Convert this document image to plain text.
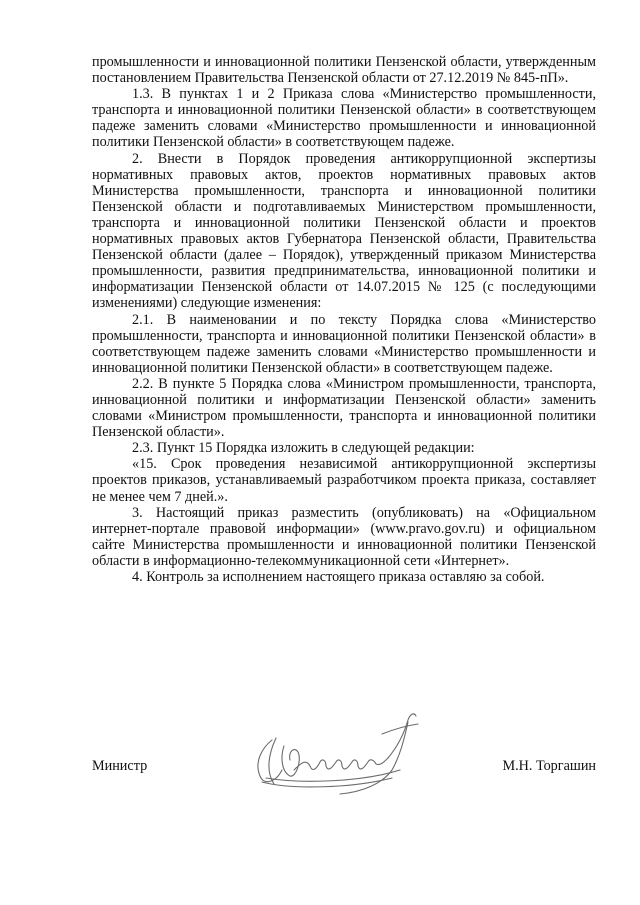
промышленности и инновационной политики Пензенской области, утвержденным постановлением Правительства Пензенской области от 27.12.2019 № 845-пП».

1.3. В пунктах 1 и 2 Приказа слова «Министерство промышленности, транспорта и инновационной политики Пензенской области» в соответствующем падеже заменить словами «Министерство промышленности и инновационной политики Пензенской области» в соответствующем падеже.

2. Внести в Порядок проведения антикоррупционной экспертизы нормативных правовых актов, проектов нормативных правовых актов Министерства промышленности, транспорта и инновационной политики Пензенской области и подготавливаемых Министерством промышленности, транспорта и инновационной политики Пензенской области и проектов нормативных правовых актов Губернатора Пензенской области, Правительства Пензенской области (далее – Порядок), утвержденный приказом Министерства промышленности, развития предпринимательства, инновационной политики и информатизации Пензенской области от 14.07.2015 № 125 (с последующими изменениями) следующие изменения:

2.1. В наименовании и по тексту Порядка слова «Министерство промышленности, транспорта и инновационной политики Пензенской области» в соответствующем падеже заменить словами «Министерство промышленности и инновационной политики Пензенской области» в соответствующем падеже.

2.2. В пункте 5 Порядка слова «Министром промышленности, транспорта, инновационной политики и информатизации Пензенской области» заменить словами «Министром промышленности, транспорта и инновационной политики Пензенской области».

2.3. Пункт 15 Порядка изложить в следующей редакции:

«15. Срок проведения независимой антикоррупционной экспертизы проектов приказов, устанавливаемый разработчиком проекта приказа, составляет не менее чем 7 дней.».

3. Настоящий приказ разместить (опубликовать) на «Официальном интернет-портале правовой информации» (www.pravo.gov.ru) и официальном сайте Министерства промышленности и инновационной политики Пензенской области в информационно-телекоммуникационной сети «Интернет».

4. Контроль за исполнением настоящего приказа оставляю за собой.

Министр	М.Н. Торгашин
